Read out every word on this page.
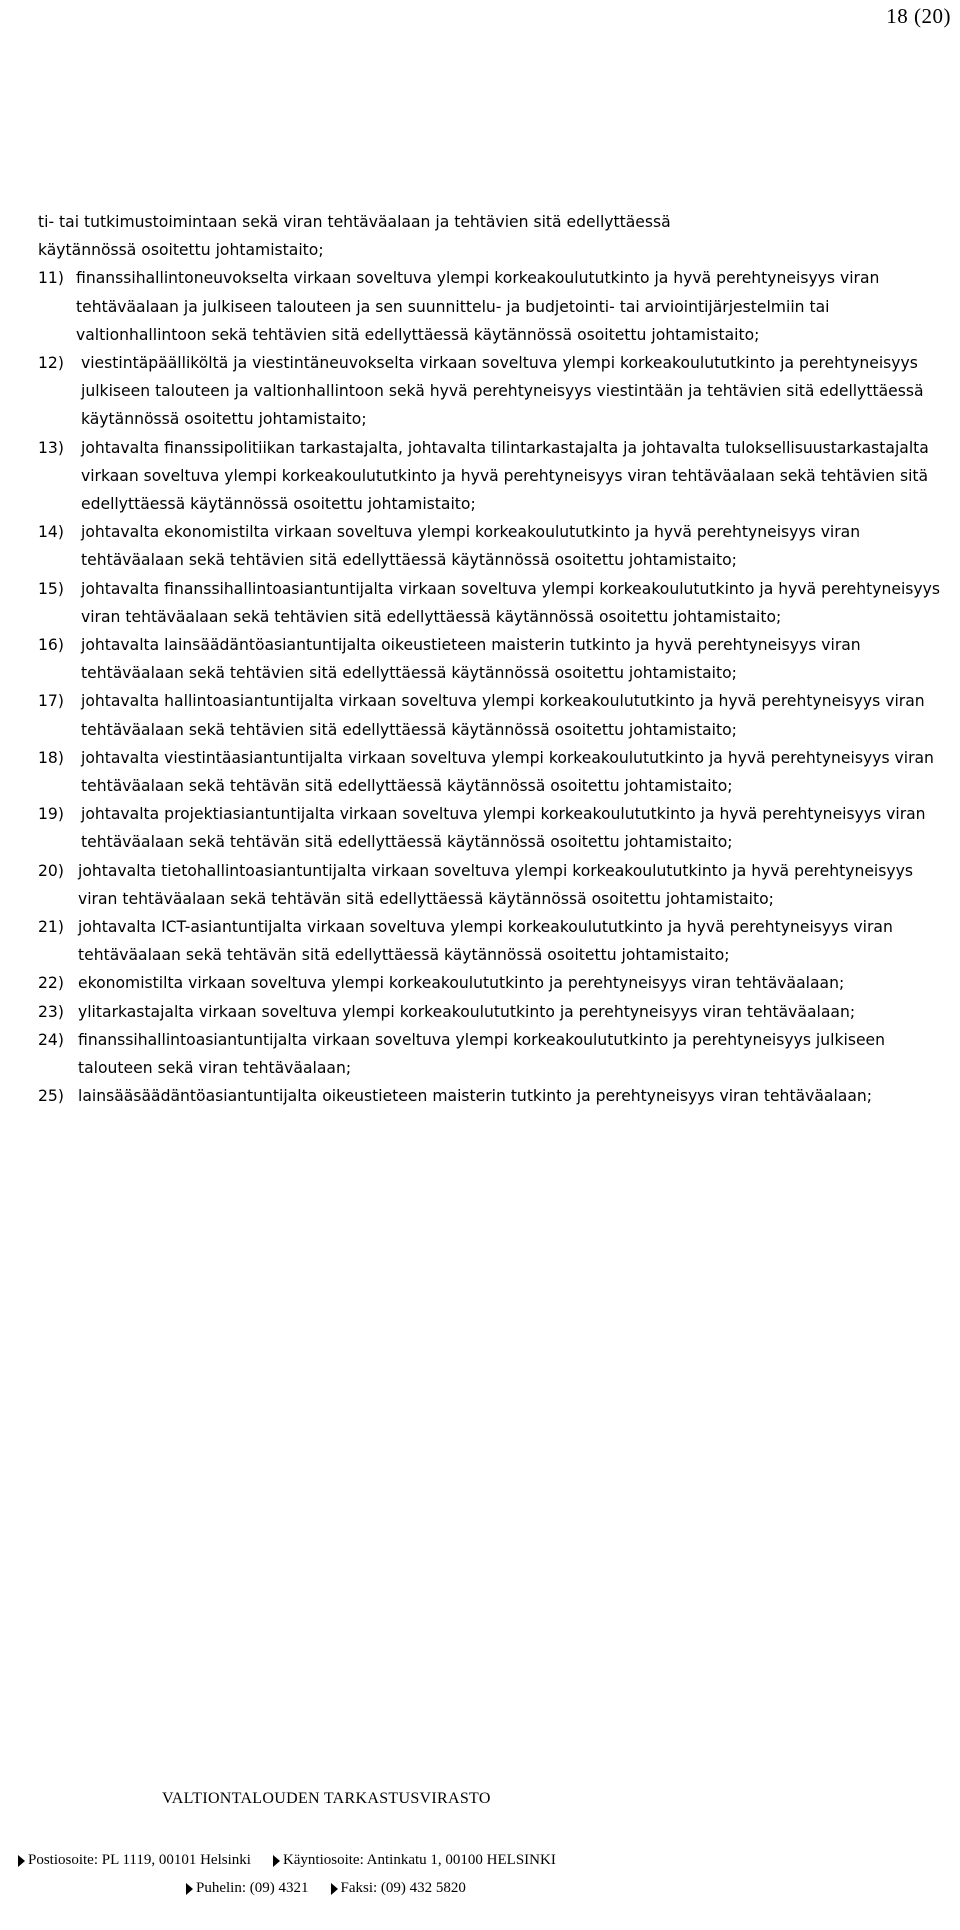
18 (20)

ti- tai tutkimustoimintaan sekä viran tehtäväalaan ja tehtävien sitä edellyttäessä
käytännössä osoitettu johtamistaito;

11) finanssihallintoneuvokselta virkaan soveltuva ylempi korkeakoulututkinto ja hyvä perehtyneisyys viran tehtäväalaan ja julkiseen talouteen ja sen suunnittelu- ja budjetointi- tai arviointijärjestelmiin tai valtionhallintoon sekä tehtävien sitä edellyttäessä käytännössä osoitettu johtamistaito;
12)	viestintäpäälliköltä ja viestintäneuvokselta virkaan soveltuva ylempi korkeakoulututkinto ja perehtyneisyys julkiseen talouteen ja valtionhallintoon sekä hyvä perehtyneisyys viestintään ja tehtävien sitä edellyttäessä käytännössä osoitettu johtamistaito;
13)	johtavalta finanssipolitiikan tarkastajalta, johtavalta tilintarkastajalta ja johtavalta tuloksellisuustarkastajalta virkaan soveltuva ylempi korkeakoulututkinto ja hyvä perehtyneisyys viran tehtäväalaan sekä tehtävien sitä edellyttäessä käytännössä osoitettu johtamistaito;
14)	johtavalta ekonomistilta virkaan soveltuva ylempi korkeakoulututkinto ja hyvä perehtyneisyys viran tehtäväalaan sekä tehtävien sitä edellyttäessä käytännössä osoitettu johtamistaito;
15)	johtavalta finanssihallintoasiantuntijalta virkaan soveltuva ylempi korkeakoulututkinto ja hyvä perehtyneisyys viran tehtäväalaan sekä tehtävien sitä edellyttäessä käytännössä osoitettu johtamistaito;
16)	johtavalta lainsäädäntöasiantuntijalta oikeustieteen maisterin tutkinto ja hyvä perehtyneisyys viran tehtäväalaan sekä tehtävien sitä edellyttäessä käytännössä osoitettu johtamistaito;
17)	johtavalta hallintoasiantuntijalta virkaan soveltuva ylempi korkeakoulututkinto ja hyvä perehtyneisyys viran tehtäväalaan sekä tehtävien sitä edellyttäessä käytännössä osoitettu johtamistaito;
18)	johtavalta viestintäasiantuntijalta virkaan soveltuva ylempi korkeakoulututkinto ja hyvä perehtyneisyys viran tehtäväalaan sekä tehtävän sitä edellyttäessä käytännössä osoitettu johtamistaito;
19)	johtavalta projektiasiantuntijalta virkaan soveltuva ylempi korkeakoulututkinto ja hyvä perehtyneisyys viran tehtäväalaan sekä tehtävän sitä edellyttäessä käytännössä osoitettu johtamistaito;
20) johtavalta tietohallintoasiantuntijalta virkaan soveltuva ylempi korkeakoulututkinto ja hyvä perehtyneisyys viran tehtäväalaan sekä tehtävän sitä edellyttäessä käytännössä osoitettu johtamistaito;
21) johtavalta ICT-asiantuntijalta virkaan soveltuva ylempi korkeakoulututkinto ja hyvä perehtyneisyys viran tehtäväalaan sekä tehtävän sitä edellyttäessä käytännössä osoitettu johtamistaito;
22) ekonomistilta virkaan soveltuva ylempi korkeakoulututkinto ja perehtyneisyys viran tehtäväalaan;
23) ylitarkastajalta virkaan soveltuva ylempi korkeakoulututkinto ja perehtyneisyys viran tehtäväalaan;
24) finanssihallintoasiantuntijalta virkaan soveltuva ylempi korkeakoulututkinto ja perehtyneisyys julkiseen talouteen sekä viran tehtäväalaan;
25) lainsääsäädäntöasiantuntijalta oikeustieteen maisterin tutkinto ja perehtyneisyys viran tehtäväalaan;
VALTIONTALOUDEN TARKASTUSVIRASTO
Postiosoite: PL 1119, 00101 Helsinki Käyntiosoite: Antinkatu 1, 00100 HELSINKI
Puhelin: (09) 4321 Faksi: (09) 432 5820
